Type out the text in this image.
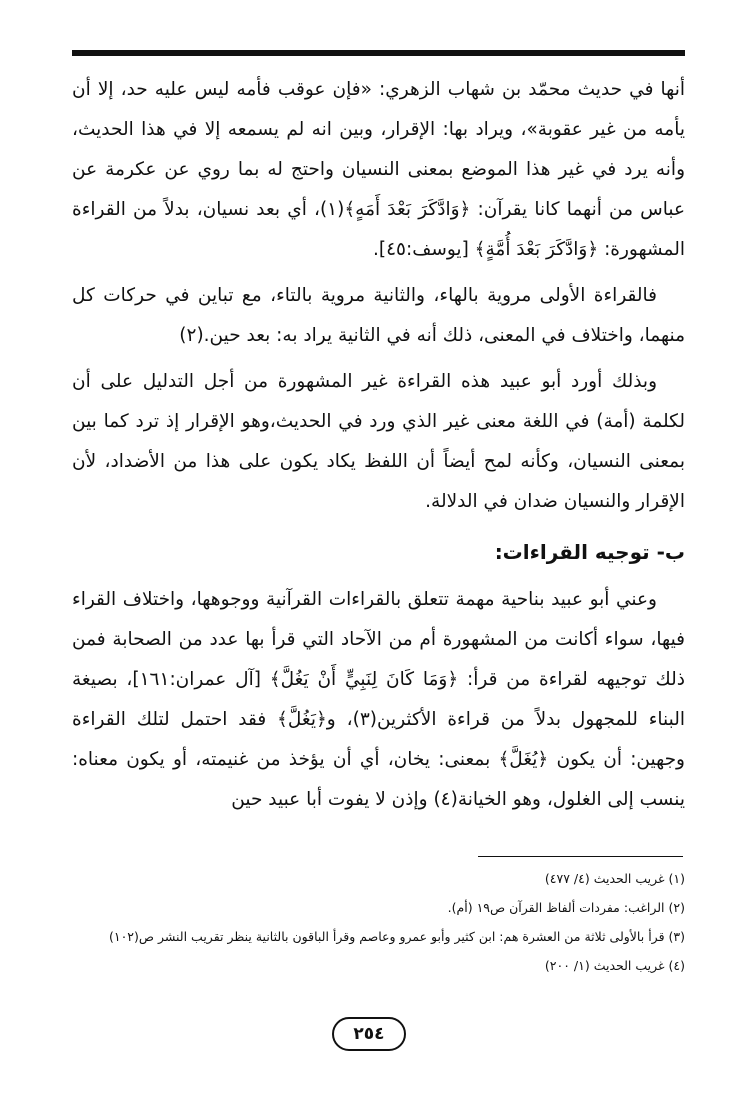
أنها في حديث محمّد بن شهاب الزهري: «فإن عوقب فأمه ليس عليه حد، إلا أن يأمه من غير عقوبة»، ويراد بها: الإقرار، وبين انه لم يسمعه إلا في هذا الحديث، وأنه يرد في غير هذا الموضع بمعنى النسيان واحتج له بما روي عن عكرمة عن عباس من أنهما كانا يقرآن: ﴿وَادَّكَرَ بَعْدَ أَمَهٍ﴾(١)، أي بعد نسيان، بدلاً من القراءة المشهورة: ﴿وَادَّكَرَ بَعْدَ أُمَّةٍ﴾ [يوسف:٤٥].

فالقراءة الأولى مروية بالهاء، والثانية مروية بالتاء، مع تباين في حركات كل منهما، واختلاف في المعنى، ذلك أنه في الثانية يراد به: بعد حين.(٢)

وبذلك أورد أبو عبيد هذه القراءة غير المشهورة من أجل التدليل على أن لكلمة (أمة) في اللغة معنى غير الذي ورد في الحديث،وهو الإقرار إذ ترد كما بين بمعنى النسيان، وكأنه لمح أيضاً أن اللفظ يكاد يكون على هذا من الأضداد، لأن الإقرار والنسيان ضدان في الدلالة.

ب- توجيه القراءات:

وعني أبو عبيد بناحية مهمة تتعلق بالقراءات القرآنية ووجوهها، واختلاف القراء فيها، سواء أكانت من المشهورة أم من الآحاد التي قرأ بها عدد من الصحابة فمن ذلك توجيهه لقراءة من قرأ: ﴿وَمَا كَانَ لِنَبِيٍّ أَنْ يَغُلَّ﴾ [آل عمران:١٦١]، بصيغة البناء للمجهول بدلاً من قراءة الأكثرين(٣)، و﴿يَغُلَّ﴾ فقد احتمل لتلك القراءة وجهين: أن يكون ﴿يُغَلَّ﴾ بمعنى: يخان، أي أن يؤخذ من غنيمته، أو يكون معناه: ينسب إلى الغلول، وهو الخيانة(٤) وإذن لا يفوت أبا عبيد حين

(١) غريب الحديث (٤/ ٤٧٧)

(٢) الراغب: مفردات ألفاظ القرآن ص١٩ (أم).

(٣) قرأ بالأولى ثلاثة من العشرة هم: ابن كثير وأبو عمرو وعاصم وقرأ الباقون بالثانية ينظر تقريب النشر ص(١٠٢)

(٤) غريب الحديث (١/ ٢٠٠)

٢٥٤
